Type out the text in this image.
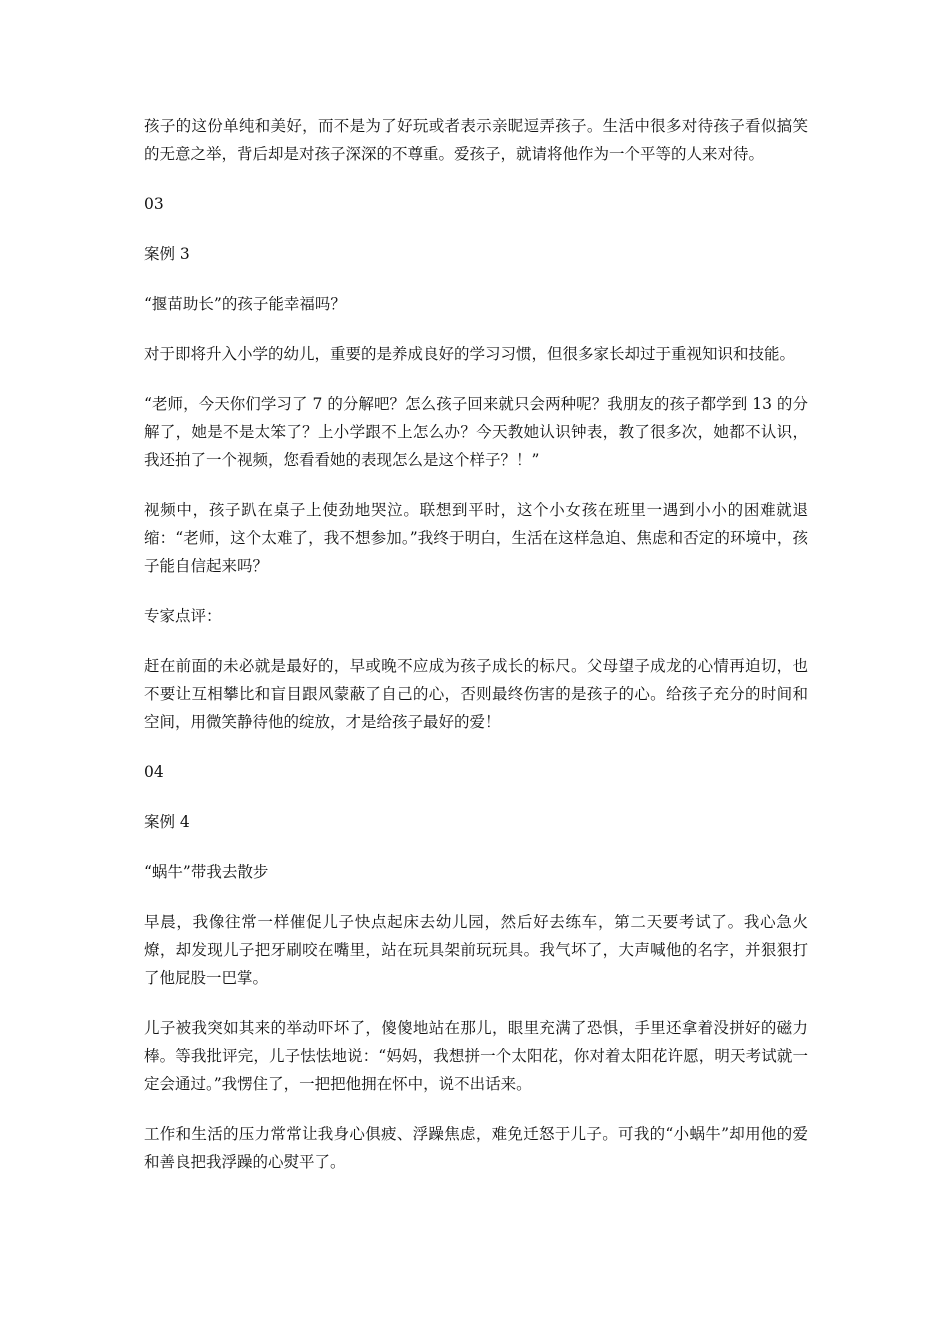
孩子的这份单纯和美好，而不是为了好玩或者表示亲昵逗弄孩子。生活中很多对待孩子看似搞笑的无意之举，背后却是对孩子深深的不尊重。爱孩子，就请将他作为一个平等的人来对待。

03

案例 3

“揠苗助长”的孩子能幸福吗？

对于即将升入小学的幼儿，重要的是养成良好的学习习惯，但很多家长却过于重视知识和技能。

“老师，今天你们学习了 7 的分解吧？怎么孩子回来就只会两种呢？我朋友的孩子都学到 13 的分解了，她是不是太笨了？上小学跟不上怎么办？今天教她认识钟表，教了很多次，她都不认识，我还拍了一个视频，您看看她的表现怎么是这个样子？！”

视频中，孩子趴在桌子上使劲地哭泣。联想到平时，这个小女孩在班里一遇到小小的困难就退缩：“老师，这个太难了，我不想参加。”我终于明白，生活在这样急迫、焦虑和否定的环境中，孩子能自信起来吗？

专家点评：

赶在前面的未必就是最好的，早或晚不应成为孩子成长的标尺。父母望子成龙的心情再迫切，也不要让互相攀比和盲目跟风蒙蔽了自己的心，否则最终伤害的是孩子的心。给孩子充分的时间和空间，用微笑静待他的绽放，才是给孩子最好的爱！

04

案例 4

“蜗牛”带我去散步

早晨，我像往常一样催促儿子快点起床去幼儿园，然后好去练车，第二天要考试了。我心急火燎，却发现儿子把牙刷咬在嘴里，站在玩具架前玩玩具。我气坏了，大声喊他的名字，并狠狠打了他屁股一巴掌。

儿子被我突如其来的举动吓坏了，傻傻地站在那儿，眼里充满了恐惧，手里还拿着没拼好的磁力棒。等我批评完，儿子怯怯地说：“妈妈，我想拼一个太阳花，你对着太阳花许愿，明天考试就一定会通过。”我愣住了，一把把他拥在怀中，说不出话来。

工作和生活的压力常常让我身心俱疲、浮躁焦虑，难免迁怒于儿子。可我的“小蜗牛”却用他的爱和善良把我浮躁的心熨平了。
